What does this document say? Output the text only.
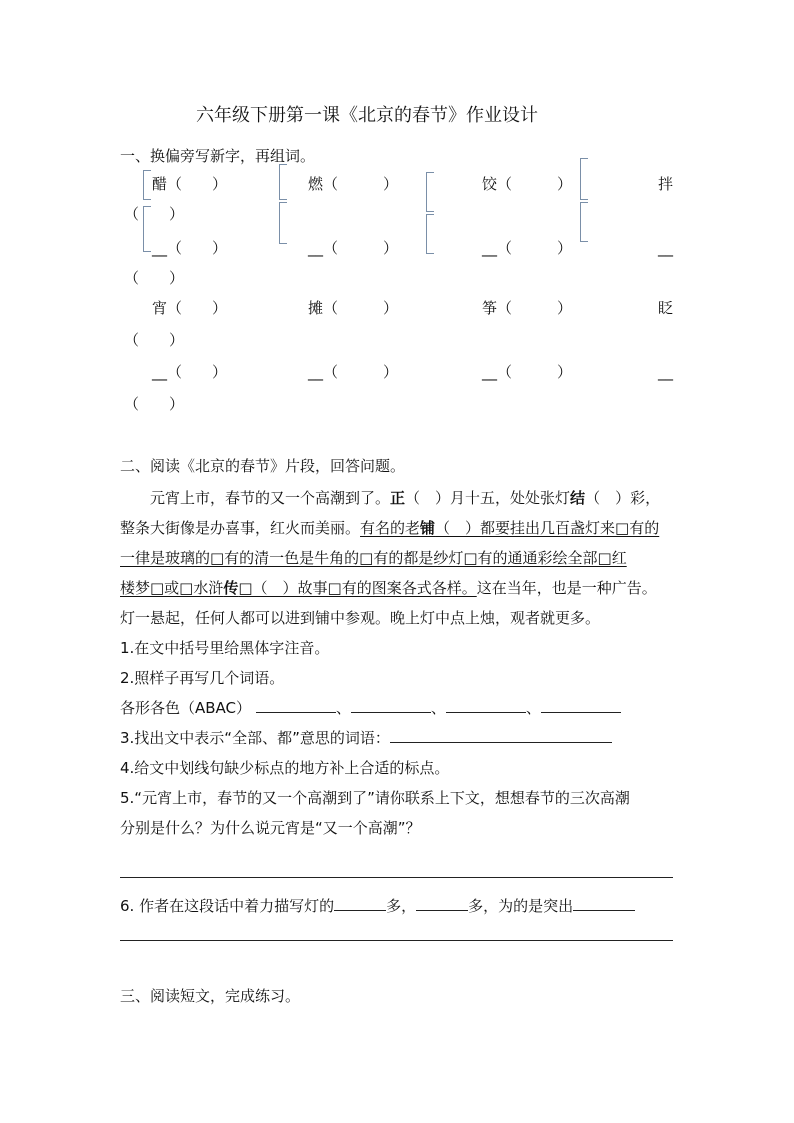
六年级下册第一课《北京的春节》作业设计
一、换偏旁写新字，再组词。
醋（　　）	燃（　　　）	饺（　　　）	拌
（　　）
__（　　）	__（　　　）	__（　　　）	__
（　　）
宵（　　）	摊（　　　）	筝（　　　）	眨
（　　）
__（　　）	__（　　　）	__（　　　）	__
（　　）
二、阅读《北京的春节》片段，回答问题。
元宵上市，春节的又一个高潮到了。正（　）月十五，处处张灯结（　）彩，
整条大街像是办喜事，红火而美丽。有名的老铺（　）都要挂出几百盏灯来□有的
一律是玻璃的□有的清一色是牛角的□有的都是纱灯□有的通通彩绘全部□红
楼梦□或□水浒传□（　）故事□有的图案各式各样。这在当年，也是一种广告。
灯一悬起，任何人都可以进到铺中参观。晚上灯中点上烛，观者就更多。
1.在文中括号里给黑体字注音。
2.照样子再写几个词语。
各形各色（ABAC）	、	、	、
3.找出文中表示“全部、都”意思的词语：
4.给文中划线句缺少标点的地方补上合适的标点。
5.“元宵上市，春节的又一个高潮到了”请你联系上下文，想想春节的三次高潮
分别是什么？为什么说元宵是“又一个高潮”？
6. 作者在这段话中着力描写灯的	多，	多，为的是突出
三、阅读短文，完成练习。
